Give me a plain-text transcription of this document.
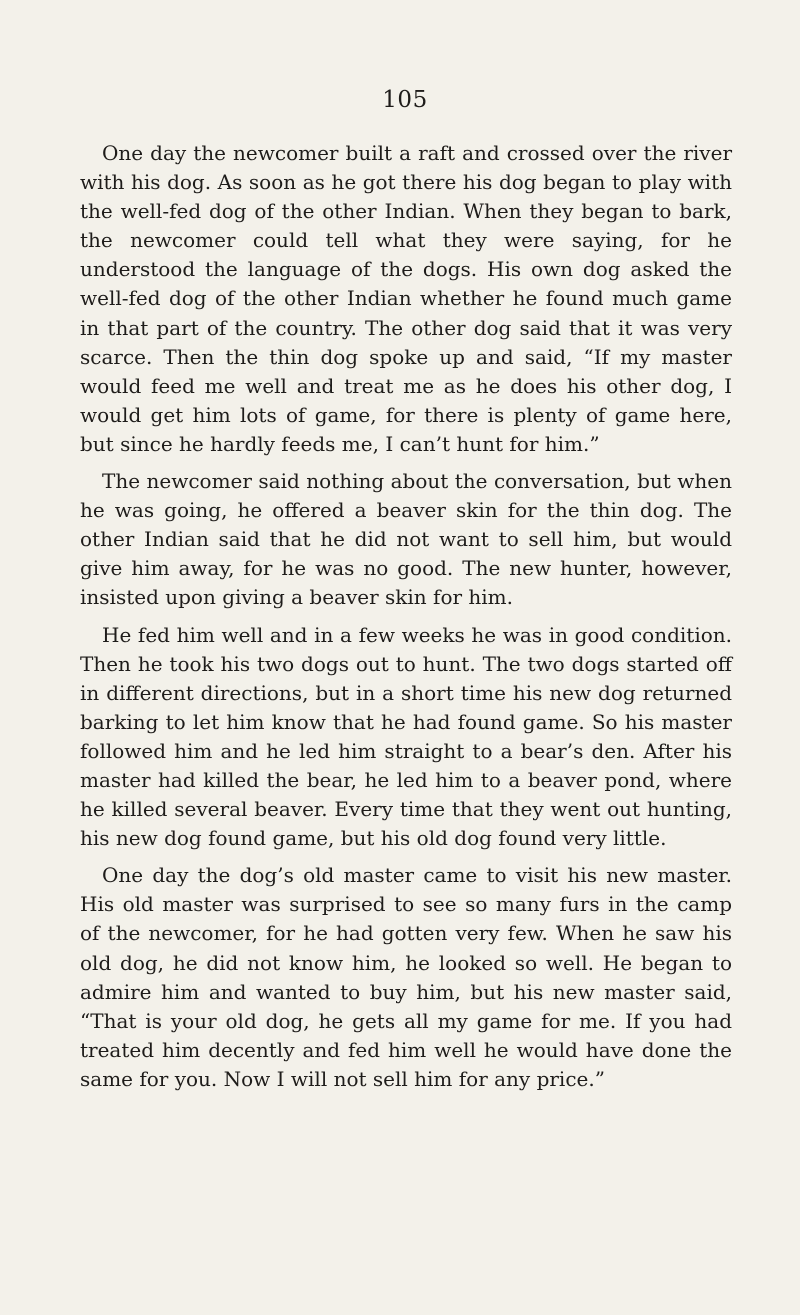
105

One day the newcomer built a raft and crossed over the river with his dog. As soon as he got there his dog began to play with the well-fed dog of the other Indian. When they began to bark, the newcomer could tell what they were saying, for he understood the language of the dogs. His own dog asked the well-fed dog of the other Indian whether he found much game in that part of the country. The other dog said that it was very scarce. Then the thin dog spoke up and said, “If my master would feed me well and treat me as he does his other dog, I would get him lots of game, for there is plenty of game here, but since he hardly feeds me, I can’t hunt for him.”

The newcomer said nothing about the conversation, but when he was going, he offered a beaver skin for the thin dog. The other Indian said that he did not want to sell him, but would give him away, for he was no good. The new hunter, however, insisted upon giving a beaver skin for him.

He fed him well and in a few weeks he was in good condition. Then he took his two dogs out to hunt. The two dogs started off in different directions, but in a short time his new dog returned barking to let him know that he had found game. So his master followed him and he led him straight to a bear’s den. After his master had killed the bear, he led him to a beaver pond, where he killed several beaver. Every time that they went out hunting, his new dog found game, but his old dog found very little.

One day the dog’s old master came to visit his new master. His old master was surprised to see so many furs in the camp of the newcomer, for he had gotten very few. When he saw his old dog, he did not know him, he looked so well. He began to admire him and wanted to buy him, but his new master said, “That is your old dog, he gets all my game for me. If you had treated him decently and fed him well he would have done the same for you. Now I will not sell him for any price.”
